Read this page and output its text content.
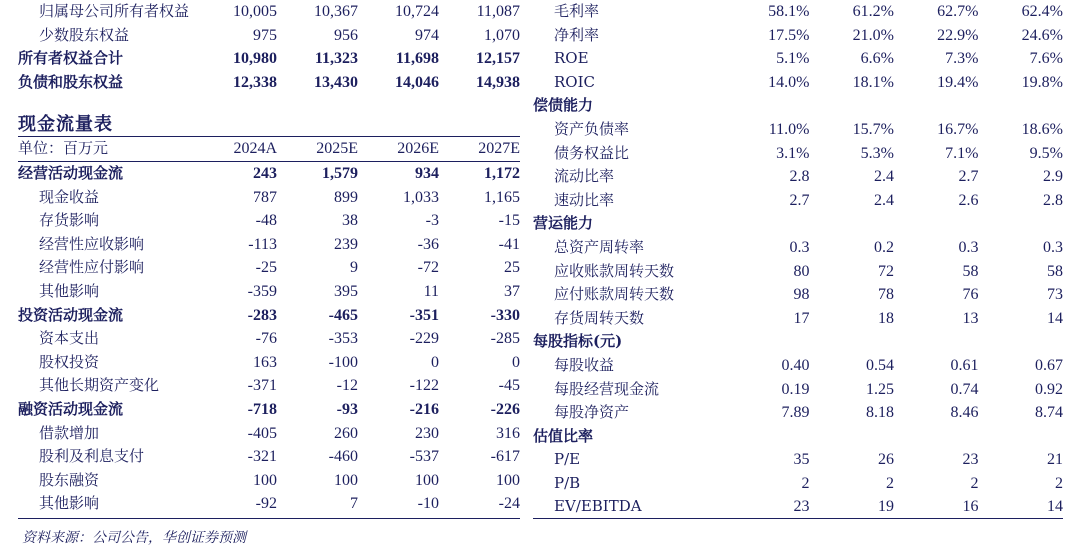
归属母公司所有者权益	10,005	10,367	10,724	11,087
少数股东权益	975	956	974	1,070
所有者权益合计	10,980	11,323	11,698	12,157
负债和股东权益	12,338	13,430	14,046	14,938

现金流量表				
单位：百万元	2024A	2025E	2026E	2027E
经营活动现金流	243	1,579	934	1,172
现金收益	787	899	1,033	1,165
存货影响	-48	38	-3	-15
经营性应收影响	-113	239	-36	-41
经营性应付影响	-25	9	-72	25
其他影响	-359	395	11	37
投资活动现金流	-283	-465	-351	-330
资本支出	-76	-353	-229	-285
股权投资	163	-100	0	0
其他长期资产变化	-371	-12	-122	-45
融资活动现金流	-718	-93	-216	-226
借款增加	-405	260	230	316
股利及利息支付	-321	-460	-537	-617
股东融资	100	100	100	100
其他影响	-92	7	-10	-24
毛利率	58.1%	61.2%	62.7%	62.4%
净利率	17.5%	21.0%	22.9%	24.6%
ROE	5.1%	6.6%	7.3%	7.6%
ROIC	14.0%	18.1%	19.4%	19.8%
偿债能力				
资产负债率	11.0%	15.7%	16.7%	18.6%
债务权益比	3.1%	5.3%	7.1%	9.5%
流动比率	2.8	2.4	2.7	2.9
速动比率	2.7	2.4	2.6	2.8
营运能力				
总资产周转率	0.3	0.2	0.3	0.3
应收账款周转天数	80	72	58	58
应付账款周转天数	98	78	76	73
存货周转天数	17	18	13	14
每股指标(元)				
每股收益	0.40	0.54	0.61	0.67
每股经营现金流	0.19	1.25	0.74	0.92
每股净资产	7.89	8.18	8.46	8.74
估值比率				
P/E	35	26	23	21
P/B	2	2	2	2
EV/EBITDA	23	19	16	14
资料来源：公司公告，华创证券预测
